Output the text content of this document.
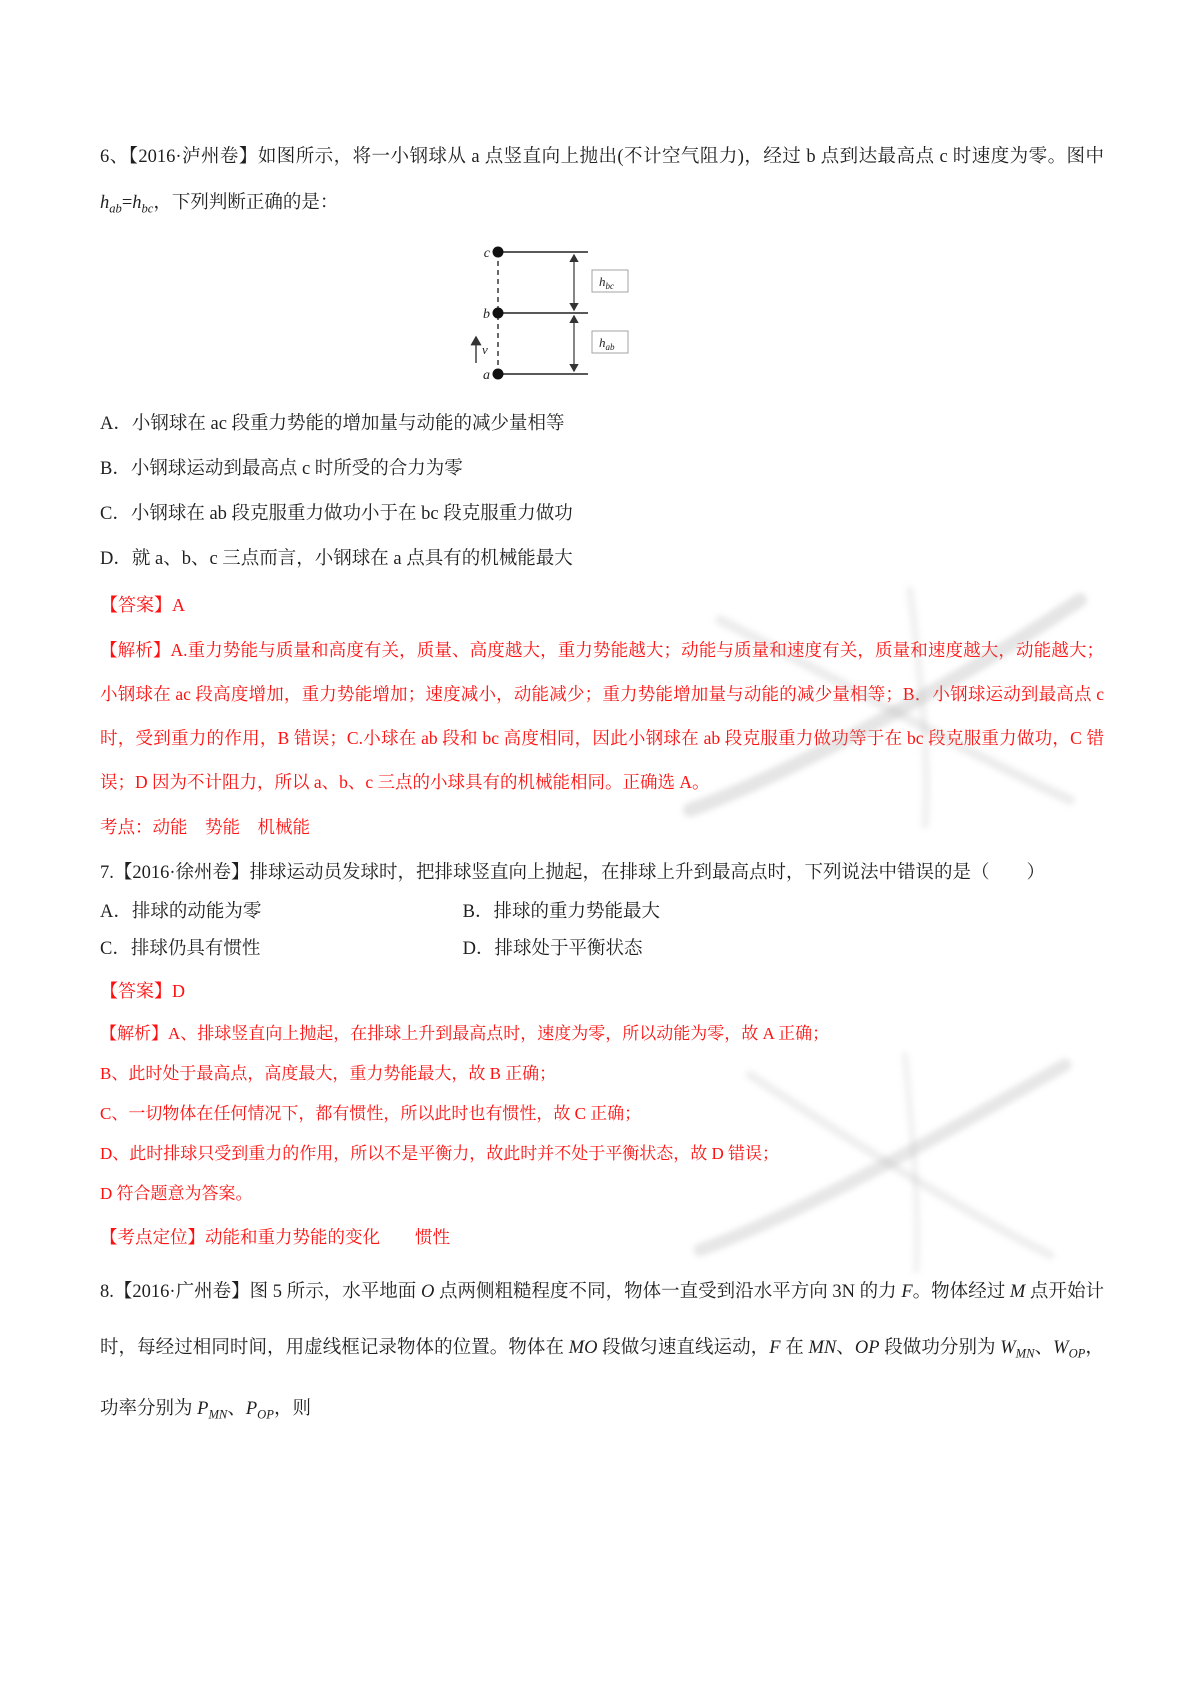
6、【2016·泸州卷】如图所示，将一小钢球从 a 点竖直向上抛出(不计空气阻力)，经过 b 点到达最高点 c 时速度为零。图中 $h_{ab}=h_{bc}$，下列判断正确的是：

c
b
a
v
$h_{bc}$
$h_{ab}$

A．小钢球在 ac 段重力势能的增加量与动能的减少量相等

B．小钢球运动到最高点 c 时所受的合力为零

C．小钢球在 ab 段克服重力做功小于在 bc 段克服重力做功

D．就 a、b、c 三点而言，小钢球在 a 点具有的机械能最大

【答案】A

【解析】A.重力势能与质量和高度有关，质量、高度越大，重力势能越大；动能与质量和速度有关，质量和速度越大，动能越大；小钢球在 ac 段高度增加，重力势能增加；速度减小，动能减少；重力势能增加量与动能的减少量相等；B．小钢球运动到最高点 c 时，受到重力的作用，B 错误；C.小球在 ab 段和 bc 高度相同，因此小钢球在 ab 段克服重力做功等于在 bc 段克服重力做功，C 错误；D 因为不计阻力，所以 a、b、c 三点的小球具有的机械能相同。正确选 A。

考点：动能　势能　机械能

7.【2016·徐州卷】排球运动员发球时，把排球竖直向上抛起，在排球上升到最高点时，下列说法中错误的是（　　）

A．排球的动能为零	B．排球的重力势能最大

C．排球仍具有惯性	D．排球处于平衡状态

【答案】D

【解析】A、排球竖直向上抛起，在排球上升到最高点时，速度为零，所以动能为零，故 A 正确；

B、此时处于最高点，高度最大，重力势能最大，故 B 正确；

C、一切物体在任何情况下，都有惯性，所以此时也有惯性，故 C 正确；

D、此时排球只受到重力的作用，所以不是平衡力，故此时并不处于平衡状态，故 D 错误；

D 符合题意为答案。

【考点定位】动能和重力势能的变化　　惯性

8.【2016·广州卷】图 5 所示，水平地面 O 点两侧粗糙程度不同，物体一直受到沿水平方向 3N 的力 F。物体经过 M 点开始计时，每经过相同时间，用虚线框记录物体的位置。物体在 MO 段做匀速直线运动，F 在 MN、OP 段做功分别为 $W_{MN}$、$W_{OP}$，功率分别为 $P_{MN}$、$P_{OP}$，则
